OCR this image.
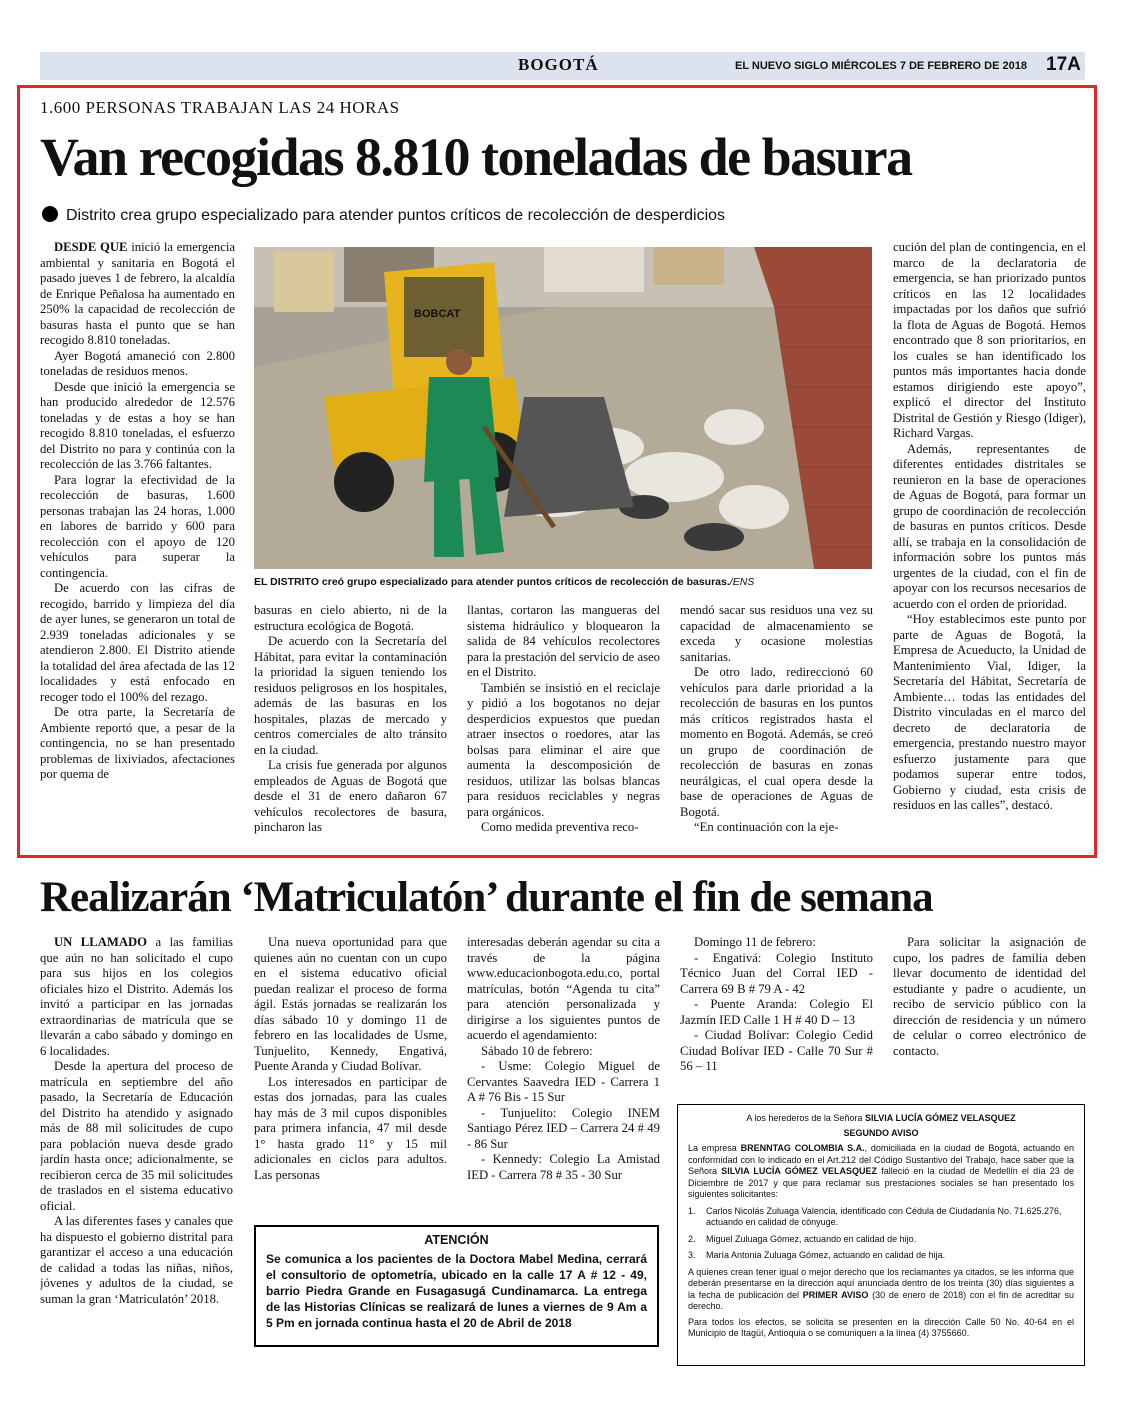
BOGOTÁ	EL NUEVO SIGLO MIÉRCOLES 7 DE FEBRERO DE 2018 17A
1.600 PERSONAS TRABAJAN LAS 24 HORAS
Van recogidas 8.810 toneladas de basura
Distrito crea grupo especializado para atender puntos críticos de recolección de desperdicios

DESDE QUE inició la emergencia ambiental y sanitaria en Bogotá el pasado jueves 1 de febrero, la alcaldía de Enrique Peñalosa ha aumentado en 250% la capacidad de recolección de basuras hasta el punto que se han recogido 8.810 toneladas.

Ayer Bogotá amaneció con 2.800 toneladas de residuos menos.

Desde que inició la emergencia se han producido alrededor de 12.576 toneladas y de estas a hoy se han recogido 8.810 toneladas, el esfuerzo del Distrito no para y continúa con la recolección de las 3.766 faltantes.

Para lograr la efectividad de la recolección de basuras, 1.600 personas trabajan las 24 horas, 1.000 en labores de barrido y 600 para recolección con el apoyo de 120 vehículos para superar la contingencia.

De acuerdo con las cifras de recogido, barrido y limpieza del día de ayer lunes, se generaron un total de 2.939 toneladas adicionales y se atendieron 2.800. El Distrito atiende la totalidad del área afectada de las 12 localidades y está enfocado en recoger todo el 100% del rezago.

De otra parte, la Secretaría de Ambiente reportó que, a pesar de la contingencia, no se han presentado problemas de lixiviados, afectaciones por quema de

BOBCAT
EL DISTRITO creó grupo especializado para atender puntos críticos de recolección de basuras./ENS

basuras en cielo abierto, ni de la estructura ecológica de Bogotá.

De acuerdo con la Secretaría del Hábitat, para evitar la contaminación la prioridad la siguen teniendo los residuos peligrosos en los hospitales, además de las basuras en los hospitales, plazas de mercado y centros comerciales de alto tránsito en la ciudad.

La crisis fue generada por algunos empleados de Aguas de Bogotá que desde el 31 de enero dañaron 67 vehículos recolectores de basura, pincharon las

llantas, cortaron las mangueras del sistema hidráulico y bloquearon la salida de 84 vehículos recolectores para la prestación del servicio de aseo en el Distrito.

También se insistió en el reciclaje y pidió a los bogotanos no dejar desperdicios expuestos que puedan atraer insectos o roedores, atar las bolsas para eliminar el aire que aumenta la descomposición de residuos, utilizar las bolsas blancas para residuos reciclables y negras para orgánicos.

Como medida preventiva reco-

mendó sacar sus residuos una vez su capacidad de almacenamiento se exceda y ocasione molestias sanitarias.

De otro lado, redireccionó 60 vehículos para darle prioridad a la recolección de basuras en los puntos más críticos registrados hasta el momento en Bogotá. Además, se creó un grupo de coordinación de recolección de basuras en zonas neurálgicas, el cual opera desde la base de operaciones de Aguas de Bogotá.

“En continuación con la eje-

cución del plan de contingencia, en el marco de la declaratoria de emergencia, se han priorizado puntos críticos en las 12 localidades impactadas por los daños que sufrió la flota de Aguas de Bogotá. Hemos encontrado que 8 son prioritarios, en los cuales se han identificado los puntos más importantes hacia donde estamos dirigiendo este apoyo”, explicó el director del Instituto Distrital de Gestión y Riesgo (Idiger), Richard Vargas.

Además, representantes de diferentes entidades distritales se reunieron en la base de operaciones de Aguas de Bogotá, para formar un grupo de coordinación de recolección de basuras en puntos críticos. Desde allí, se trabaja en la consolidación de información sobre los puntos más urgentes de la ciudad, con el fin de apoyar con los recursos necesarios de acuerdo con el orden de prioridad.

“Hoy establecimos este punto por parte de Aguas de Bogotá, la Empresa de Acueducto, la Unidad de Mantenimiento Vial, Idiger, la Secretaría del Hábitat, Secretaría de Ambiente… todas las entidades del Distrito vinculadas en el marco del decreto de declaratoria de emergencia, prestando nuestro mayor esfuerzo justamente para que podamos superar entre todos, Gobierno y ciudad, esta crisis de residuos en las calles”, destacó.

Realizarán ‘Matriculatón’ durante el fin de semana

UN LLAMADO a las familias que aún no han solicitado el cupo para sus hijos en los colegios oficiales hizo el Distrito. Además los invitó a participar en las jornadas extraordinarias de matrícula que se llevarán a cabo sábado y domingo en 6 localidades.

Desde la apertura del proceso de matrícula en septiembre del año pasado, la Secretaría de Educación del Distrito ha atendido y asignado más de 88 mil solicitudes de cupo para población nueva desde grado jardín hasta once; adicionalmente, se recibieron cerca de 35 mil solicitudes de traslados en el sistema educativo oficial.

A las diferentes fases y canales que ha dispuesto el gobierno distrital para garantizar el acceso a una educación de calidad a todas las niñas, niños, jóvenes y adultos de la ciudad, se suman la gran ‘Matriculatón’ 2018.

Una nueva oportunidad para que quienes aún no cuentan con un cupo en el sistema educativo oficial puedan realizar el proceso de forma ágil. Estás jornadas se realizarán los días sábado 10 y domingo 11 de febrero en las localidades de Usme, Tunjuelito, Kennedy, Engativá, Puente Aranda y Ciudad Bolívar.

Los interesados en participar de estas dos jornadas, para las cuales hay más de 3 mil cupos disponibles para primera infancia, 47 mil desde 1° hasta grado 11° y 15 mil adicionales en ciclos para adultos. Las personas

interesadas deberán agendar su cita a través de la página www.educacionbogota.edu.co, portal matrículas, botón “Agenda tu cita” para atención personalizada y dirigirse a los siguientes puntos de acuerdo el agendamiento:

Sábado 10 de febrero:

- Usme: Colegio Miguel de Cervantes Saavedra IED - Carrera 1 A # 76 Bis - 15 Sur

- Tunjuelito: Colegio INEM Santiago Pérez IED – Carrera 24 # 49 - 86 Sur

- Kennedy: Colegio La Amistad IED - Carrera 78 # 35 - 30 Sur

Domingo 11 de febrero:

- Engativá: Colegio Instituto Técnico Juan del Corral IED - Carrera 69 B # 79 A - 42

- Puente Aranda: Colegio El Jazmín IED Calle 1 H # 40 D – 13

- Ciudad Bolívar: Colegio Cedid Ciudad Bolívar IED - Calle 70 Sur # 56 – 11

Para solicitar la asignación de cupo, los padres de familia deben llevar documento de identidad del estudiante y padre o acudiente, un recibo de servicio público con la dirección de residencia y un número de celular o correo electrónico de contacto.

ATENCIÓN
Se comunica a los pacientes de la Doctora Mabel Medina, cerrará el consultorio de optometría, ubicado en la calle 17 A # 12 - 49, barrio Piedra Grande en Fusagasugá Cundinamarca. La entrega de las Historias Clínicas se realizará de lunes a viernes de 9 Am a 5 Pm en jornada continua hasta el 20 de Abril de 2018
A los herederos de la Señora SILVIA LUCÍA GÓMEZ VELASQUEZ
SEGUNDO AVISO

La empresa BRENNTAG COLOMBIA S.A., domiciliada en la ciudad de Bogotá, actuando en conformidad con lo indicado en el Art.212 del Código Sustantivo del Trabajo, hace saber que la Señora SILVIA LUCÍA GÓMEZ VELASQUEZ falleció en la ciudad de Medellín el día 23 de Diciembre de 2017 y que para reclamar sus prestaciones sociales se han presentado los siguientes solicitantes:

1. Carlos Nicolás Zuluaga Valencia, identificado con Cédula de Ciudadanía No. 71.625.276, actuando en calidad de cónyuge.
2. Miguel Zuluaga Gómez, actuando en calidad de hijo.
3. María Antonia Zuluaga Gómez, actuando en calidad de hija.

A quienes crean tener igual o mejor derecho que los reclamantes ya citados, se les informa que deberán presentarse en la dirección aquí anunciada dentro de los treinta (30) días siguientes a la fecha de publicación del PRIMER AVISO (30 de enero de 2018) con el fin de acreditar su derecho.

Para todos los efectos, se solicita se presenten en la dirección Calle 50 No. 40-64 en el Municipio de Itagüí, Antioquia o se comuniquen a la línea (4) 3755660.
